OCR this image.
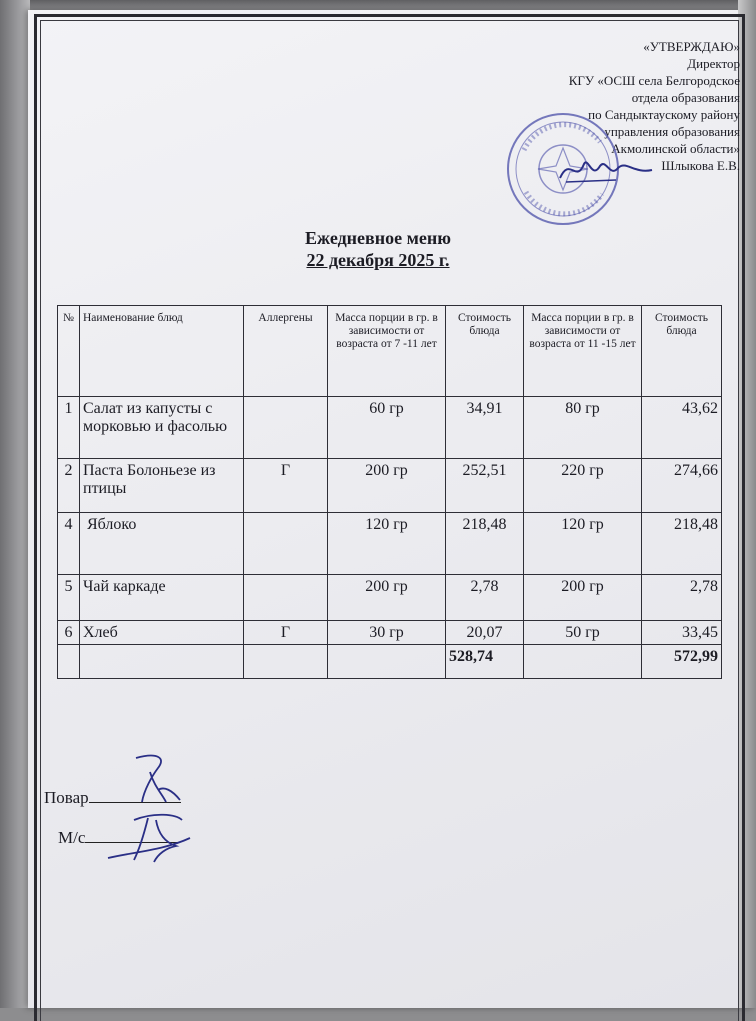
«УТВЕРЖДАЮ»
Директор
КГУ «ОСШ села Белгородское
отдела образования
по Сандыктаускому району
управления образования
Акмолинской области»
Шлыкова Е.В.
Ежедневное меню
22 декабря 2025 г.
№	Наименование блюд	Аллергены	Масса порции в гр. в зависимости от возраста от 7 -11 лет	Стоимость блюда	Масса порции в гр. в зависимости от возраста от 11 -15 лет	Стоимость блюда
1	Салат из капусты с морковью и фасолью		60 гр	34,91	80 гр	43,62
2	Паста Болоньезе из птицы	Г	200 гр	252,51	220 гр	274,66
4	Яблоко		120 гр	218,48	120 гр	218,48
5	Чай каркаде		200 гр	2,78	200 гр	2,78
6	Хлеб	Г	30 гр	20,07	50 гр	33,45
				528,74		572,99
Повар
М/с
